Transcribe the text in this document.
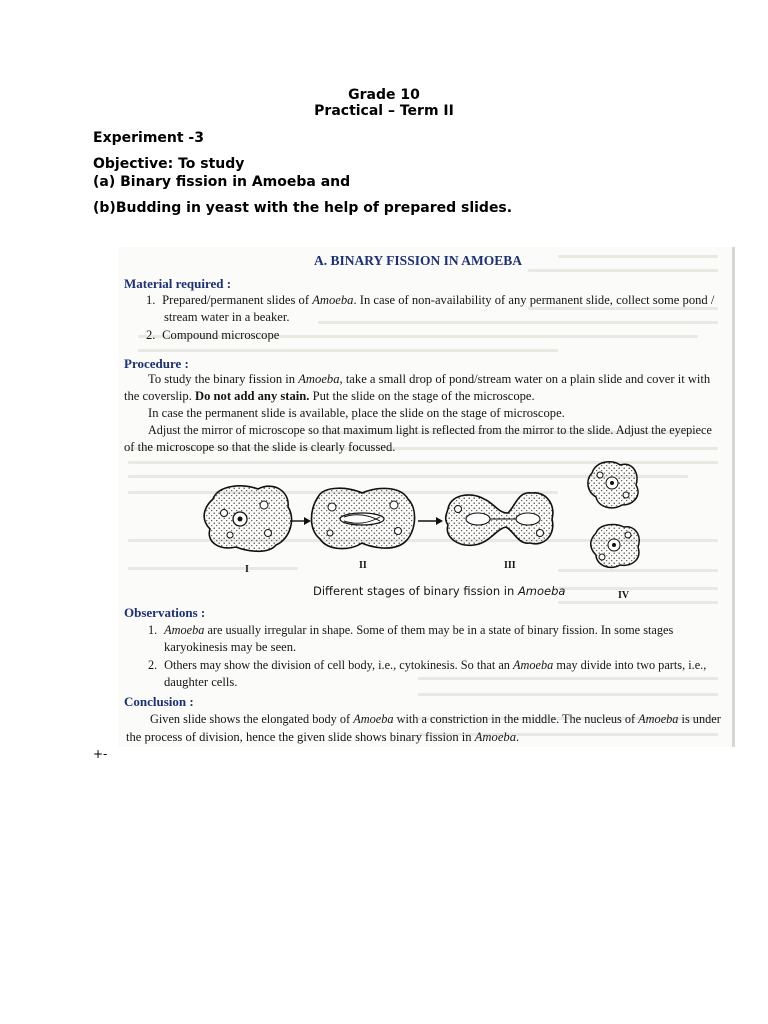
Grade 10
Practical – Term II
Experiment -3
Objective: To study
(a) Binary fission in Amoeba and
(b)Budding in yeast with the help of prepared slides.
A. BINARY FISSION IN AMOEBA
Material required :
1. Prepared/permanent slides of Amoeba. In case of non-availability of any permanent slide, collect some pond /
stream water in a beaker.
2. Compound microscope
Procedure :
To study the binary fission in Amoeba, take a small drop of pond/stream water on a plain slide and cover it with
the coverslip. Do not add any stain. Put the slide on the stage of the microscope.
In case the permanent slide is available, place the slide on the stage of microscope.
Adjust the mirror of microscope so that maximum light is reflected from the mirror to the slide. Adjust the eyepiece
of the microscope so that the slide is clearly focussed.
I	II	III
IV
Different stages of binary fission in Amoeba
Observations :
1. Amoeba are usually irregular in shape. Some of them may be in a state of binary fission. In some stages
karyokinesis may be seen.
2. Others may show the division of cell body, i.e., cytokinesis. So that an Amoeba may divide into two parts, i.e.,
daughter cells.
Conclusion :
Given slide shows the elongated body of Amoeba with a constriction in the middle. The nucleus of Amoeba is under
the process of division, hence the given slide shows binary fission in Amoeba.
+-
